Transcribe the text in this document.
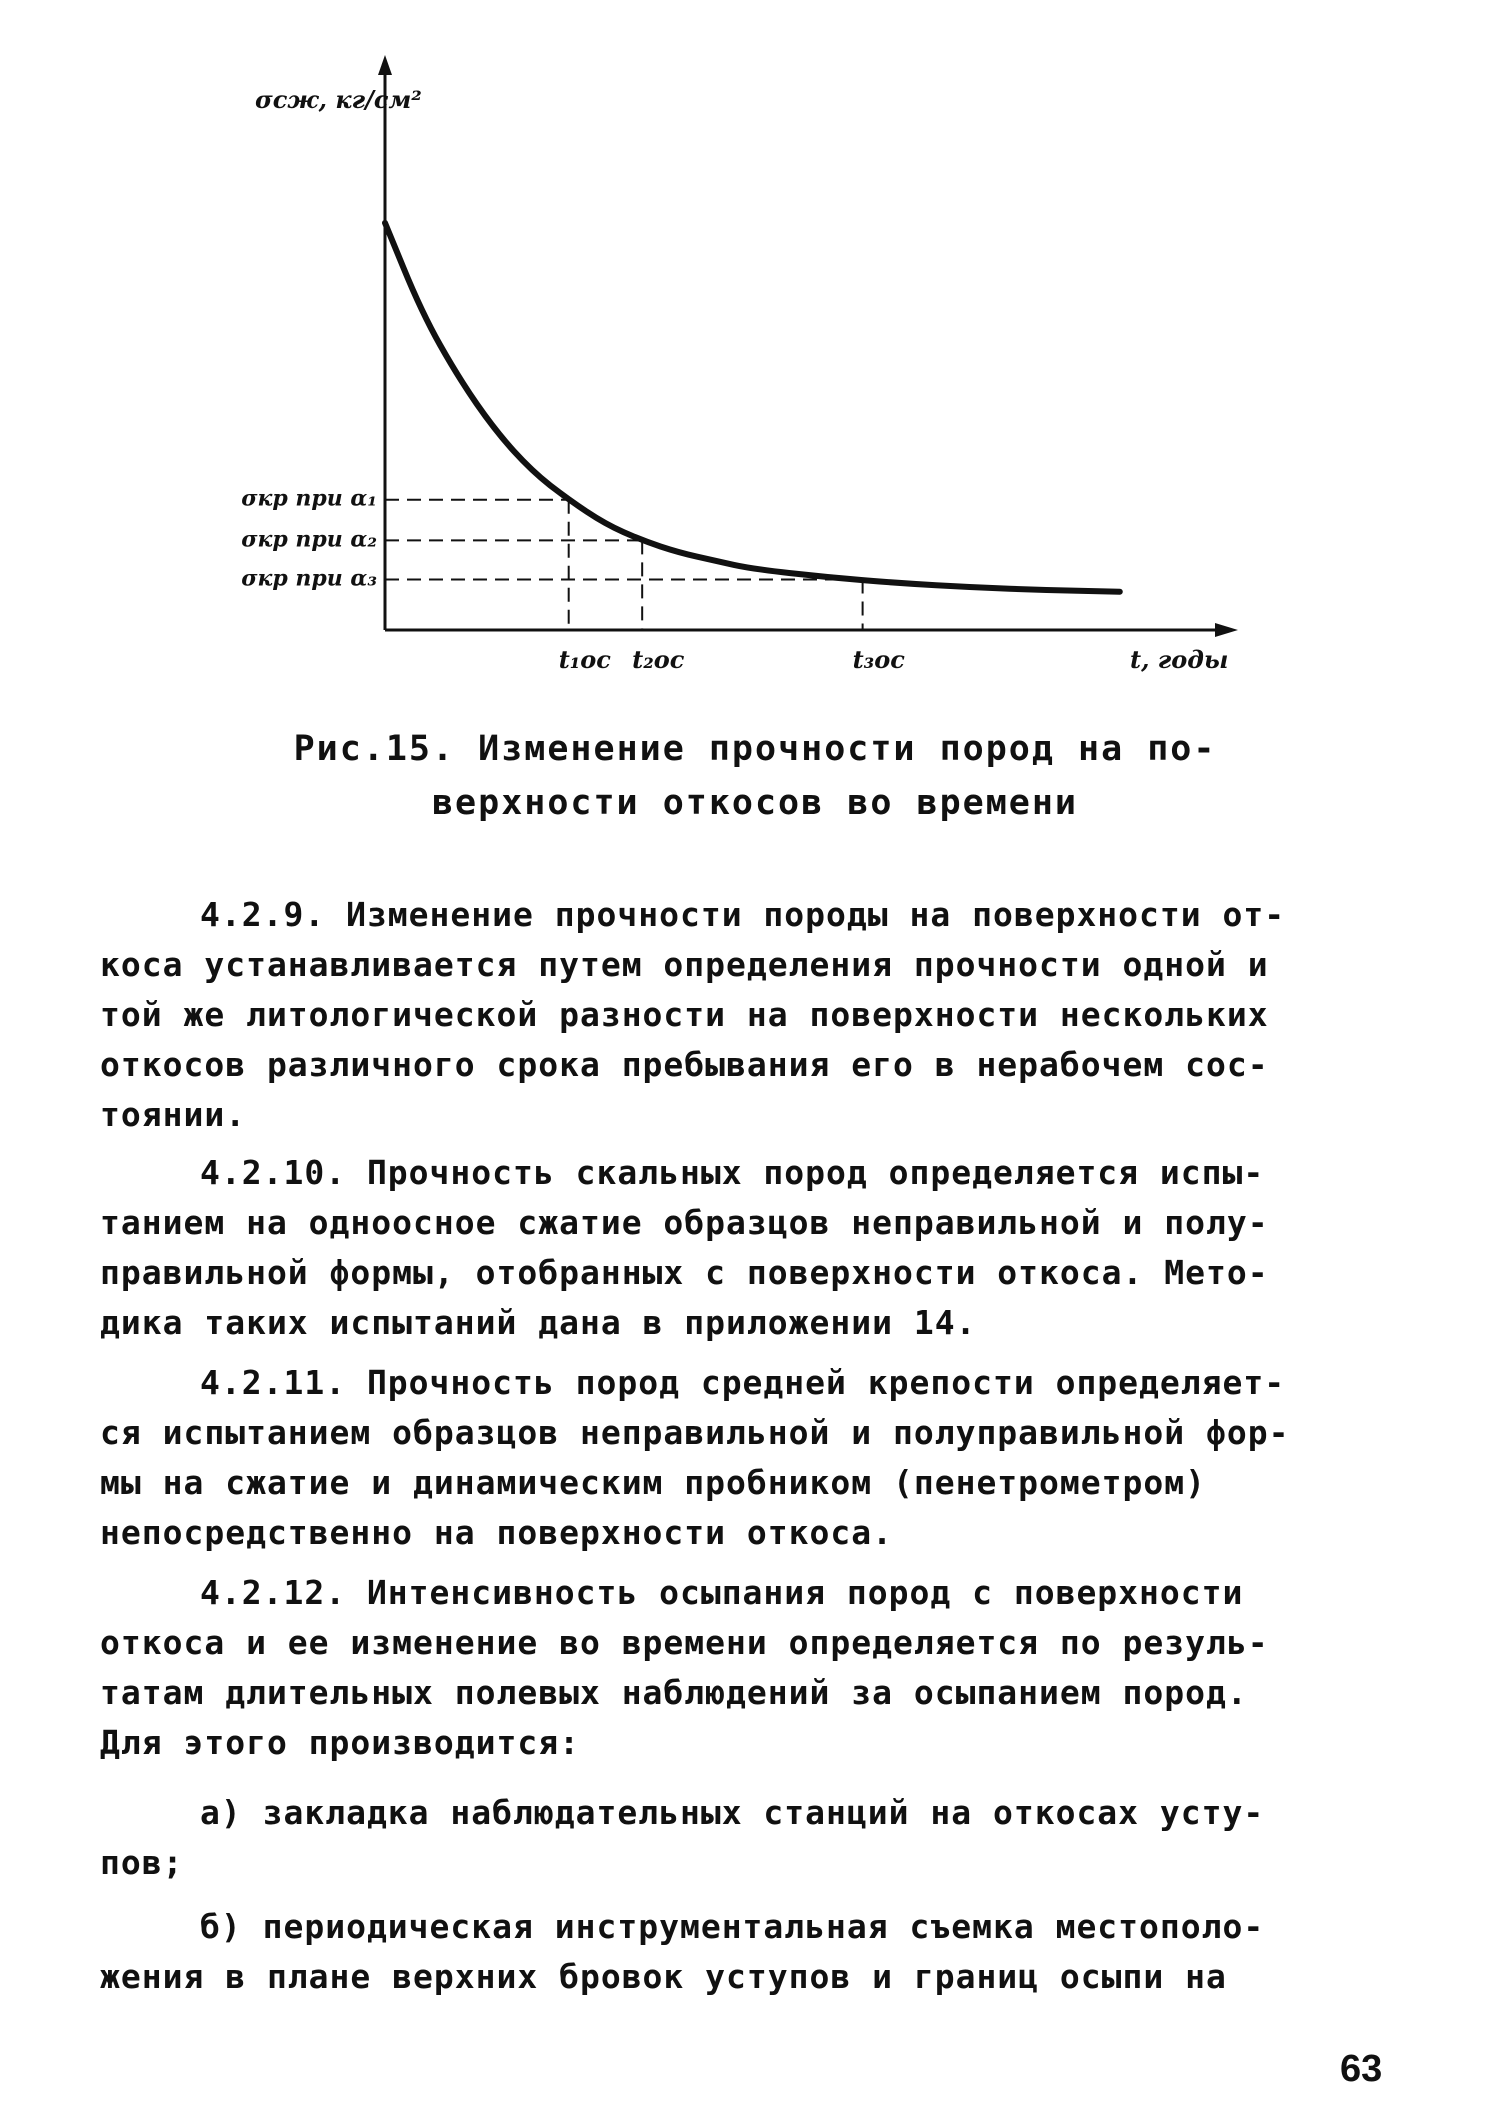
σсж, кг/см²
t, годы
σкр при α₁
t₁ос
σкр при α₂
t₂ос
σкр при α₃
t₃ос
Рис.15. Изменение прочности пород на по-
верхности откосов во времени
4.2.9. Изменение прочности породы на поверхности от-
коса устанавливается путем определения прочности одной и
той же литологической разности на поверхности нескольких
откосов различного срока пребывания его в нерабочем сос-
тоянии.
4.2.10. Прочность скальных пород определяется испы-
танием на одноосное сжатие образцов неправильной и полу-
правильной формы, отобранных с поверхности откоса. Мето-
дика таких испытаний дана в приложении 14.
4.2.11. Прочность пород средней крепости определяет-
ся испытанием образцов неправильной и полуправильной фор-
мы на сжатие и динамическим пробником (пенетрометром)
непосредственно на поверхности откоса.
4.2.12. Интенсивность осыпания пород с поверхности
откоса и ее изменение во времени определяется по резуль-
татам длительных полевых наблюдений за осыпанием пород.
Для этого производится:
а) закладка наблюдательных станций на откосах усту-
пов;
б) периодическая инструментальная съемка местополо-
жения в плане верхних бровок уступов и границ осыпи на
63
